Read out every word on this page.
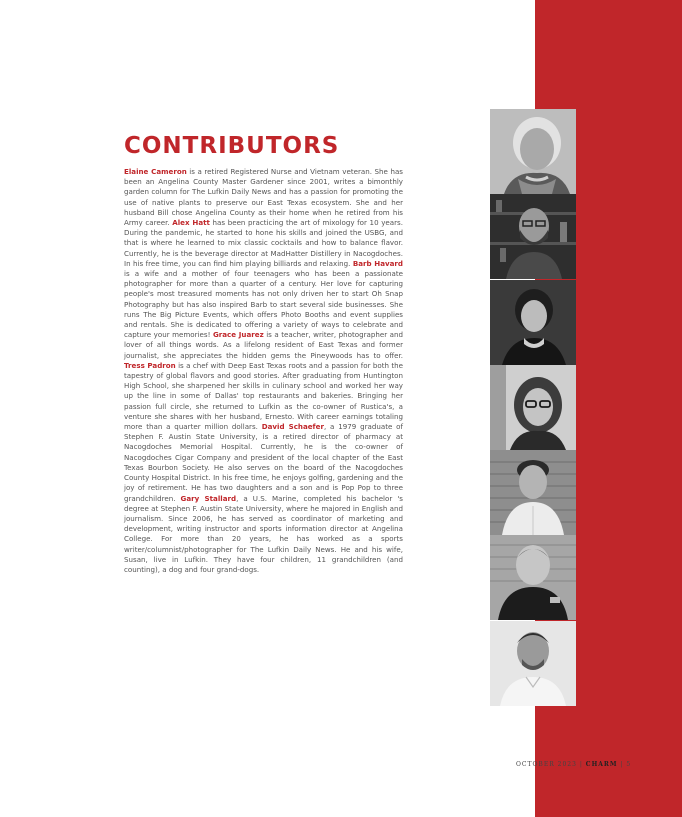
CONTRIBUTORS

Elaine Cameron is a retired Registered Nurse and Vietnam veteran. She has been an Angelina County Master Gardener since 2001, writes a bimonthly garden column for The Lufkin Daily News and has a passion for promoting the use of native plants to preserve our East Texas ecosystem. She and her husband Bill chose Angelina County as their home when he retired from his Army career. Alex Hatt has been practicing the art of mixology for 10 years. During the pandemic, he started to hone his skills and joined the USBG, and that is where he learned to mix classic cocktails and how to balance flavor. Currently, he is the beverage director at MadHatter Distillery in Nacogdoches. In his free time, you can find him playing billiards and relaxing. Barb Havard is a wife and a mother of four teenagers who has been a passionate photographer for more than a quarter of a century. Her love for capturing people's most treasured moments has not only driven her to start Oh Snap Photography but has also inspired Barb to start several side businesses. She runs The Big Picture Events, which offers Photo Booths and event supplies and rentals. She is dedicated to offering a variety of ways to celebrate and capture your memories! Grace Juarez is a teacher, writer, photographer and lover of all things words. As a lifelong resident of East Texas and former journalist, she appreciates the hidden gems the Pineywoods has to offer. Tress Padron is a chef with Deep East Texas roots and a passion for both the tapestry of global flavors and good stories. After graduating from Huntington High School, she sharpened her skills in culinary school and worked her way up the line in some of Dallas' top restaurants and bakeries. Bringing her passion full circle, she returned to Lufkin as the co-owner of Rustica's, a venture she shares with her husband, Ernesto. With career earnings totaling more than a quarter million dollars. David Schaefer, a 1979 graduate of Stephen F. Austin State University, is a retired director of pharmacy at Nacogdoches Memorial Hospital. Currently, he is the co-owner of Nacogdoches Cigar Company and president of the local chapter of the East Texas Bourbon Society. He also serves on the board of the Nacogdoches County Hospital District. In his free time, he enjoys golfing, gardening and the joy of retirement. He has two daughters and a son and is Pop Pop to three grandchildren. Gary Stallard, a U.S. Marine, completed his bachelor 's degree at Stephen F. Austin State University, where he majored in English and journalism. Since 2006, he has served as coordinator of marketing and development, writing instructor and sports information director at Angelina College. For more than 20 years, he has worked as a sports writer/columnist/photographer for The Lufkin Daily News. He and his wife, Susan, live in Lufkin. They have four children, 11 grandchildren (and counting), a dog and four grand-dogs.

OCTOBER 2023 | CHARM | 5
